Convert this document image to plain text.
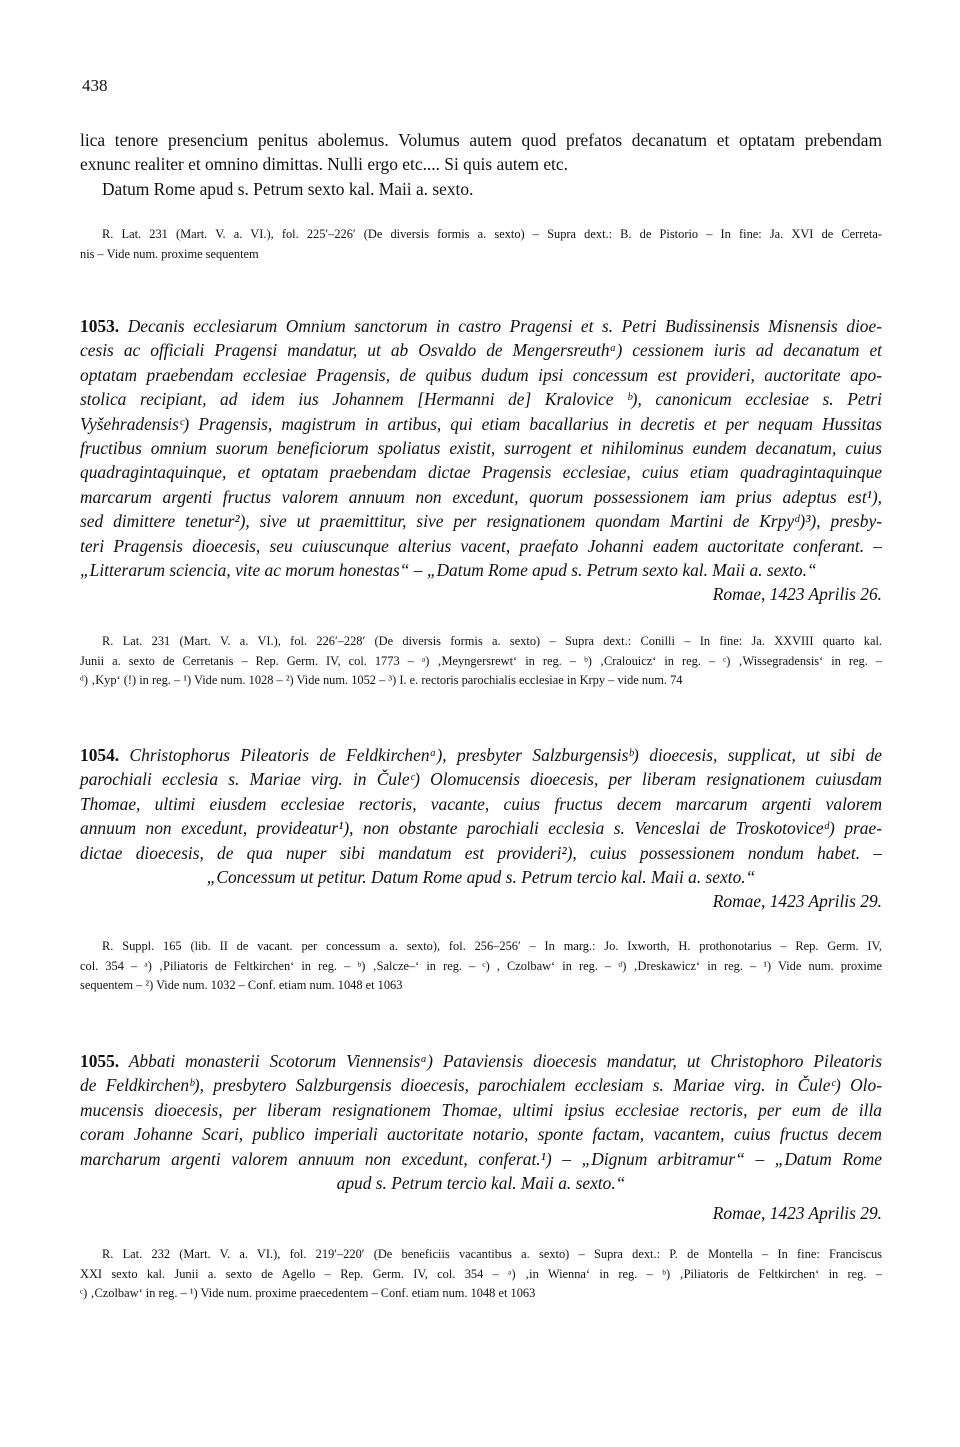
438
lica tenore presencium penitus abolemus. Volumus autem quod prefatos decanatum et optatam prebendam
exnunc realiter et omnino dimittas. Nulli ergo etc.... Si quis autem etc.
Datum Rome apud s. Petrum sexto kal. Maii a. sexto.
R. Lat. 231 (Mart. V. a. VI.), fol. 225′–226′ (De diversis formis a. sexto) – Supra dext.: B. de Pistorio – In fine: Ja. XVI de Cerreta-
nis – Vide num. proxime sequentem
1053. Decanis ecclesiarum Omnium sanctorum in castro Pragensi et s. Petri Budissinensis Misnensis dioe-
cesis ac officiali Pragensi mandatur, ut ab Osvaldo de Mengersreuthᵃ) cessionem iuris ad decanatum et
optatam praebendam ecclesiae Pragensis, de quibus dudum ipsi concessum est provideri, auctoritate apo-
stolica recipiant, ad idem ius Johannem [Hermanni de] Kralovice ᵇ), canonicum ecclesiae s. Petri
Vyšehradensisᶜ) Pragensis, magistrum in artibus, qui etiam bacallarius in decretis et per nequam Hussitas
fructibus omnium suorum beneficiorum spoliatus existit, surrogent et nihilominus eundem decanatum, cuius
quadragintaquinque, et optatam praebendam dictae Pragensis ecclesiae, cuius etiam quadragintaquinque
marcarum argenti fructus valorem annuum non excedunt, quorum possessionem iam prius adeptus est¹),
sed dimittere tenetur²), sive ut praemittitur, sive per resignationem quondam Martini de Krpyᵈ)³), presby-
teri Pragensis dioecesis, seu cuiuscunque alterius vacent, praefato Johanni eadem auctoritate conferant. –
„Litterarum sciencia, vite ac morum honestas“ – „Datum Rome apud s. Petrum sexto kal. Maii a. sexto.“
Romae, 1423 Aprilis 26.
R. Lat. 231 (Mart. V. a. VI.), fol. 226′–228′ (De diversis formis a. sexto) – Supra dext.: Conilli – In fine: Ja. XXVIII quarto kal.
Junii a. sexto de Cerretanis – Rep. Germ. IV, col. 1773 – ᵃ) ‚Meyngersrewt‘ in reg. – ᵇ) ‚Cralouicz‘ in reg. – ᶜ) ‚Wissegradensis‘ in reg. –
ᵈ) ‚Kyp‘ (!) in reg. – ¹) Vide num. 1028 – ²) Vide num. 1052 – ³) I. e. rectoris parochialis ecclesiae in Krpy – vide num. 74
1054. Christophorus Pileatoris de Feldkirchenᵃ), presbyter Salzburgensisᵇ) dioecesis, supplicat, ut sibi de
parochiali ecclesia s. Mariae virg. in Čuleᶜ) Olomucensis dioecesis, per liberam resignationem cuiusdam
Thomae, ultimi eiusdem ecclesiae rectoris, vacante, cuius fructus decem marcarum argenti valorem
annuum non excedunt, provideatur¹), non obstante parochiali ecclesia s. Venceslai de Troskotoviceᵈ) prae-
dictae dioecesis, de qua nuper sibi mandatum est provideri²), cuius possessionem nondum habet. –
„Concessum ut petitur. Datum Rome apud s. Petrum tercio kal. Maii a. sexto.“
Romae, 1423 Aprilis 29.
R. Suppl. 165 (lib. II de vacant. per concessum a. sexto), fol. 256–256′ – In marg.: Jo. Ixworth, H. prothonotarius – Rep. Germ. IV,
col. 354 – ᵃ) ‚Piliatoris de Feltkirchen‘ in reg. – ᵇ) ‚Salcze–‘ in reg. – ᶜ) , Czolbaw‘ in reg. – ᵈ) ‚Dreskawicz‘ in reg. – ¹) Vide num. proxime
sequentem – ²) Vide num. 1032 – Conf. etiam num. 1048 et 1063
1055. Abbati monasterii Scotorum Viennensisᵃ) Pataviensis dioecesis mandatur, ut Christophoro Pileatoris
de Feldkirchenᵇ), presbytero Salzburgensis dioecesis, parochialem ecclesiam s. Mariae virg. in Čuleᶜ) Olo-
mucensis dioecesis, per liberam resignationem Thomae, ultimi ipsius ecclesiae rectoris, per eum de illa
coram Johanne Scari, publico imperiali auctoritate notario, sponte factam, vacantem, cuius fructus decem
marcharum argenti valorem annuum non excedunt, conferat.¹) – „Dignum arbitramur“ – „Datum Rome
apud s. Petrum tercio kal. Maii a. sexto.“
Romae, 1423 Aprilis 29.
R. Lat. 232 (Mart. V. a. VI.), fol. 219′–220′ (De beneficiis vacantibus a. sexto) – Supra dext.: P. de Montella – In fine: Franciscus
XXI sexto kal. Junii a. sexto de Agello – Rep. Germ. IV, col. 354 – ᵃ) ‚in Wienna‘ in reg. – ᵇ) ‚Piliatoris de Feltkirchen‘ in reg. –
ᶜ) ‚Czolbaw‘ in reg. – ¹) Vide num. proxime praecedentem – Conf. etiam num. 1048 et 1063
